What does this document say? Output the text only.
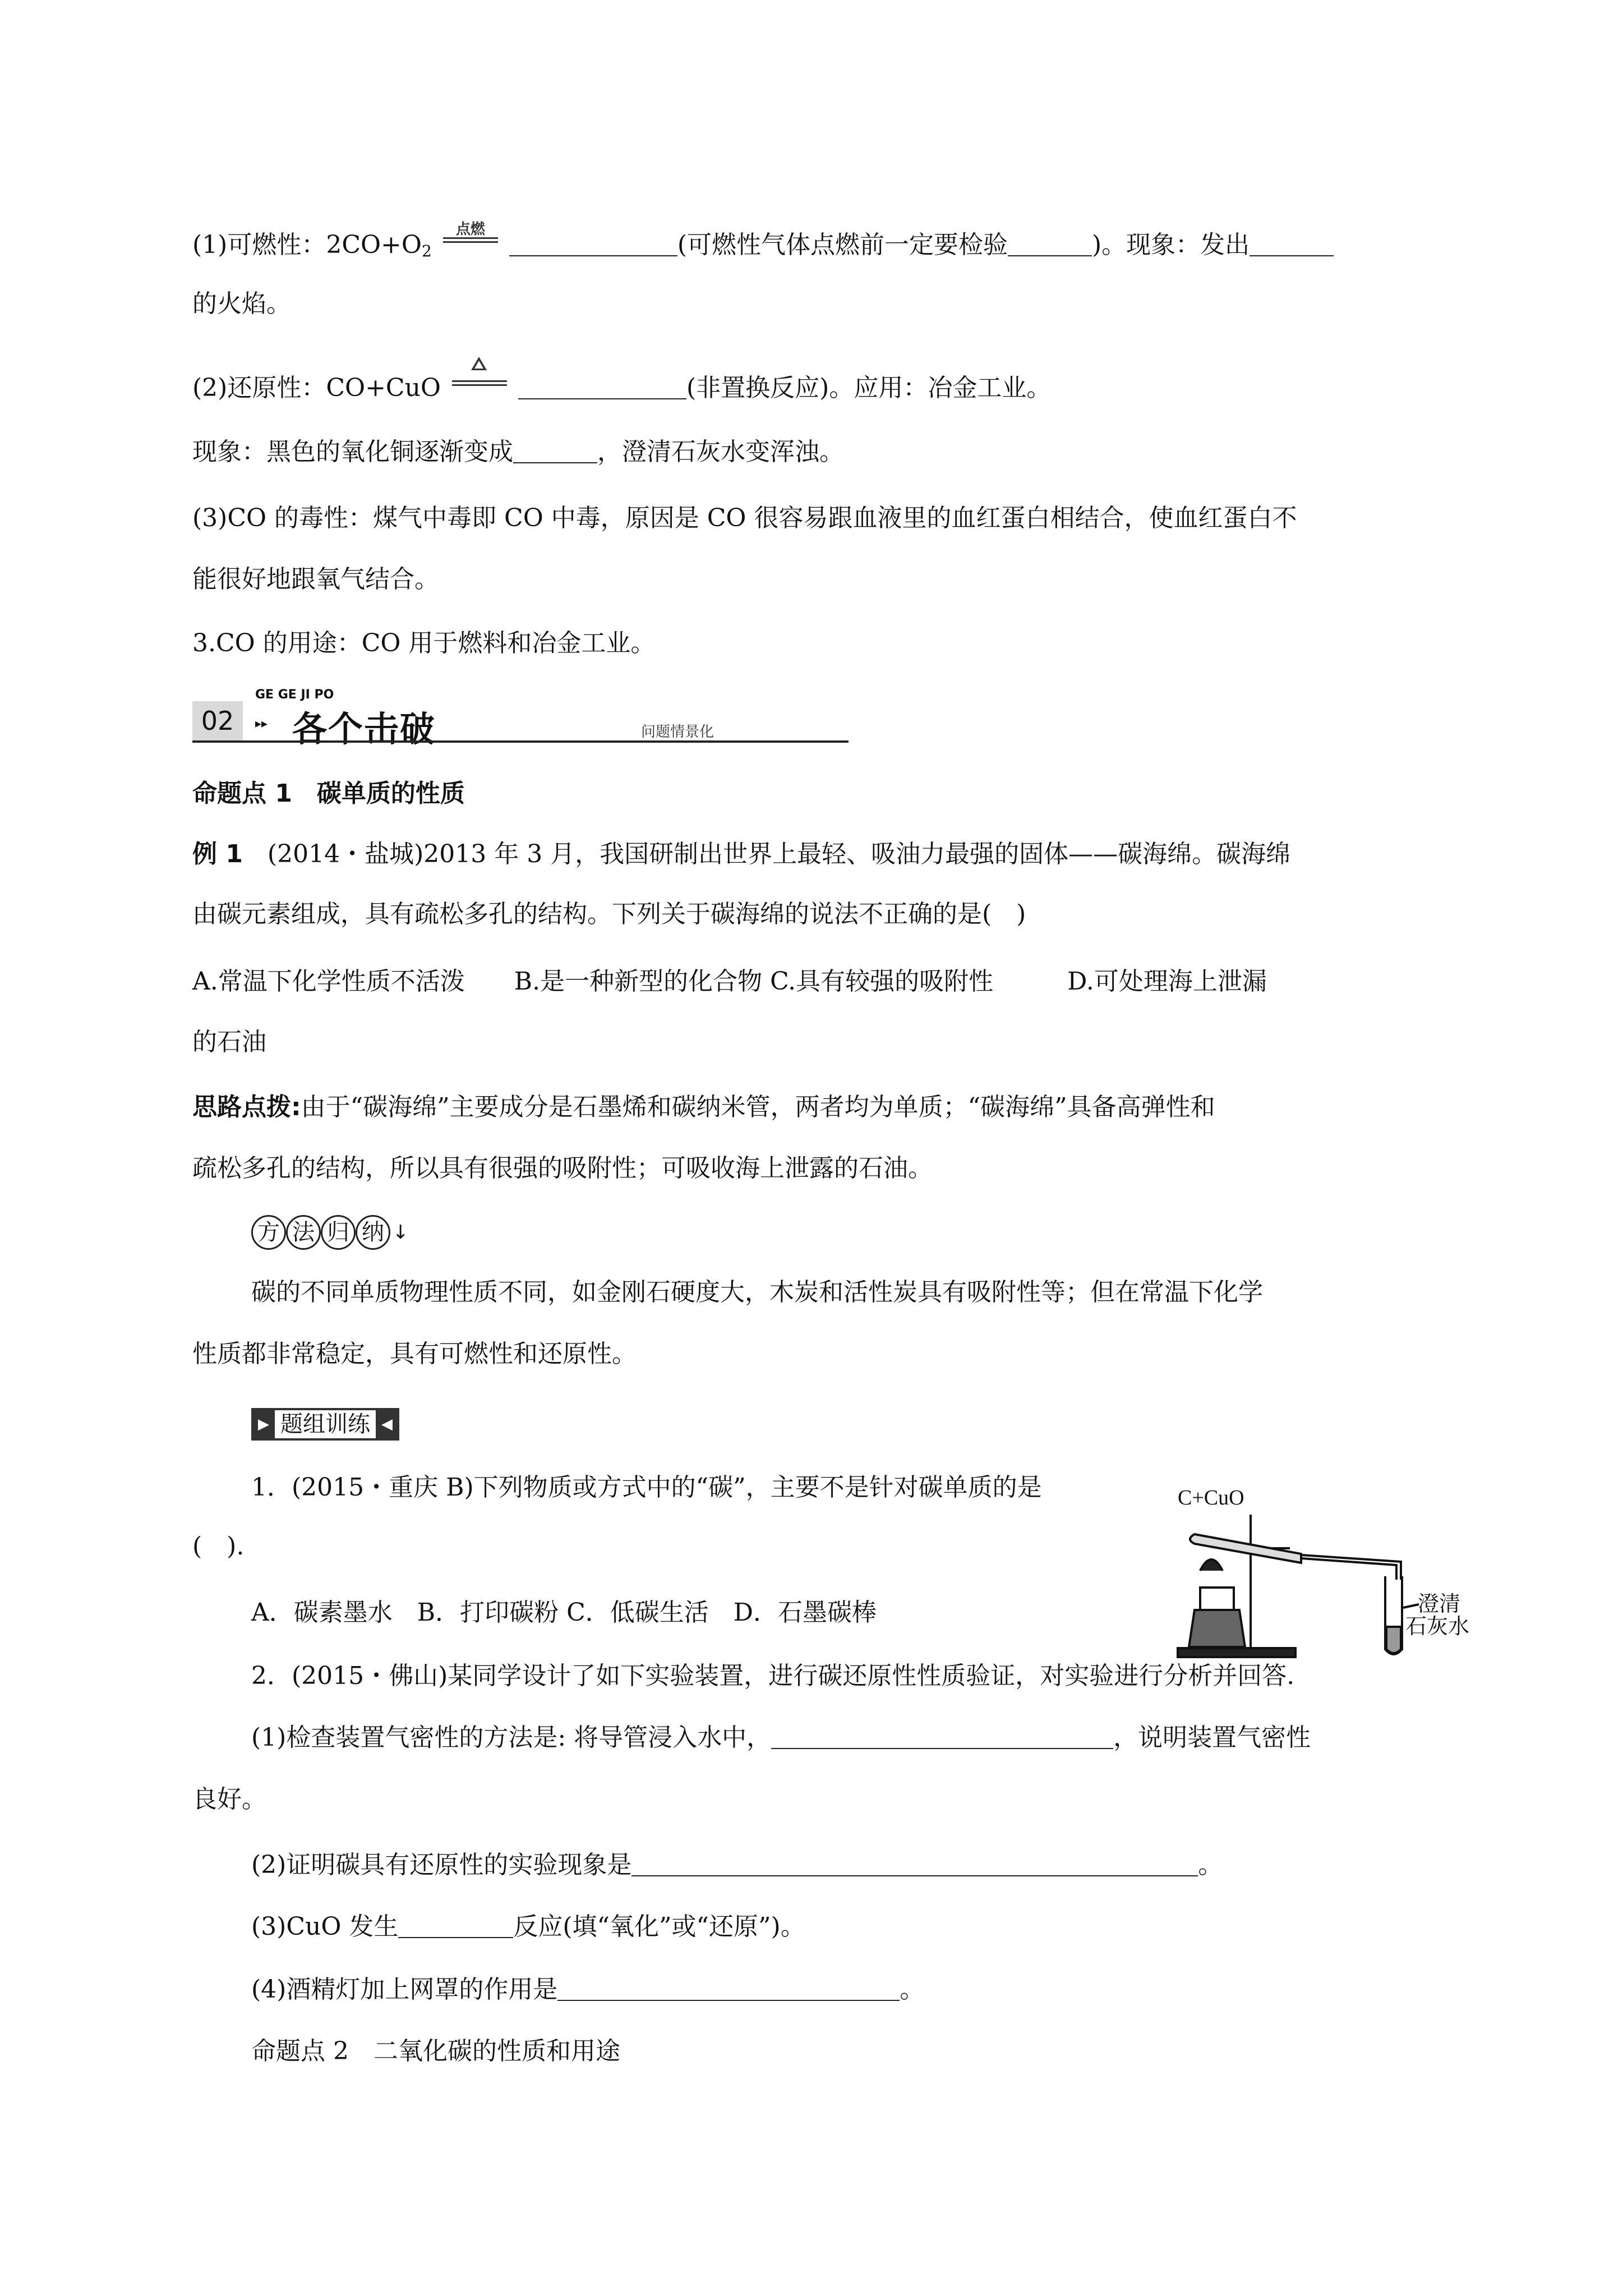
(1)可燃性：$2CO+O_2$
点燃
(可燃性气体点燃前一定要检验	)。现象：发出
的火焰。
(2)还原性：CO+CuO	(非置换反应)。应用：冶金工业。
现象：黑色的氧化铜逐渐变成	，澄清石灰水变浑浊。
(3)CO 的毒性：煤气中毒即 CO 中毒，原因是 CO 很容易跟血液里的血红蛋白相结合，使血红蛋白不
能很好地跟氧气结合。
3.CO 的用途：CO 用于燃料和冶金工业。
02
GE GE JI PO
▸▸ 各个击破	问题情景化
命题点 1　碳单质的性质
例 1　(2014・盐城)2013 年 3 月，我国研制出世界上最轻、吸油力最强的固体——碳海绵。碳海绵
由碳元素组成，具有疏松多孔的结构。下列关于碳海绵的说法不正确的是(　)
A.常温下化学性质不活泼　　B.是一种新型的化合物 C.具有较强的吸附性　　　D.可处理海上泄漏
的石油
思路点拨:由于“碳海绵”主要成分是石墨烯和碳纳米管，两者均为单质；“碳海绵”具备高弹性和
疏松多孔的结构，所以具有很强的吸附性；可吸收海上泄露的石油。
方 法 归 纳 ↓
碳的不同单质物理性质不同，如金刚石硬度大，木炭和活性炭具有吸附性等；但在常温下化学
性质都非常稳定，具有可燃性和还原性。
▶ 题组训练 ◀
1．(2015・重庆 B)下列物质或方式中的“碳”，主要不是针对碳单质的是
(　).
A．碳素墨水　B．打印碳粉 C．低碳生活　D．石墨碳棒
2．(2015・佛山)某同学设计了如下实验装置，进行碳还原性性质验证，对实验进行分析并回答.
(1)检查装置气密性的方法是: 将导管浸入水中，	，说明装置气密性
良好。
(2)证明碳具有还原性的实验现象是	。
(3)CuO 发生	反应(填“氧化”或“还原”)。
(4)酒精灯加上网罩的作用是	。
命题点 2　二氧化碳的性质和用途
C+CuO
澄清
石灰水
